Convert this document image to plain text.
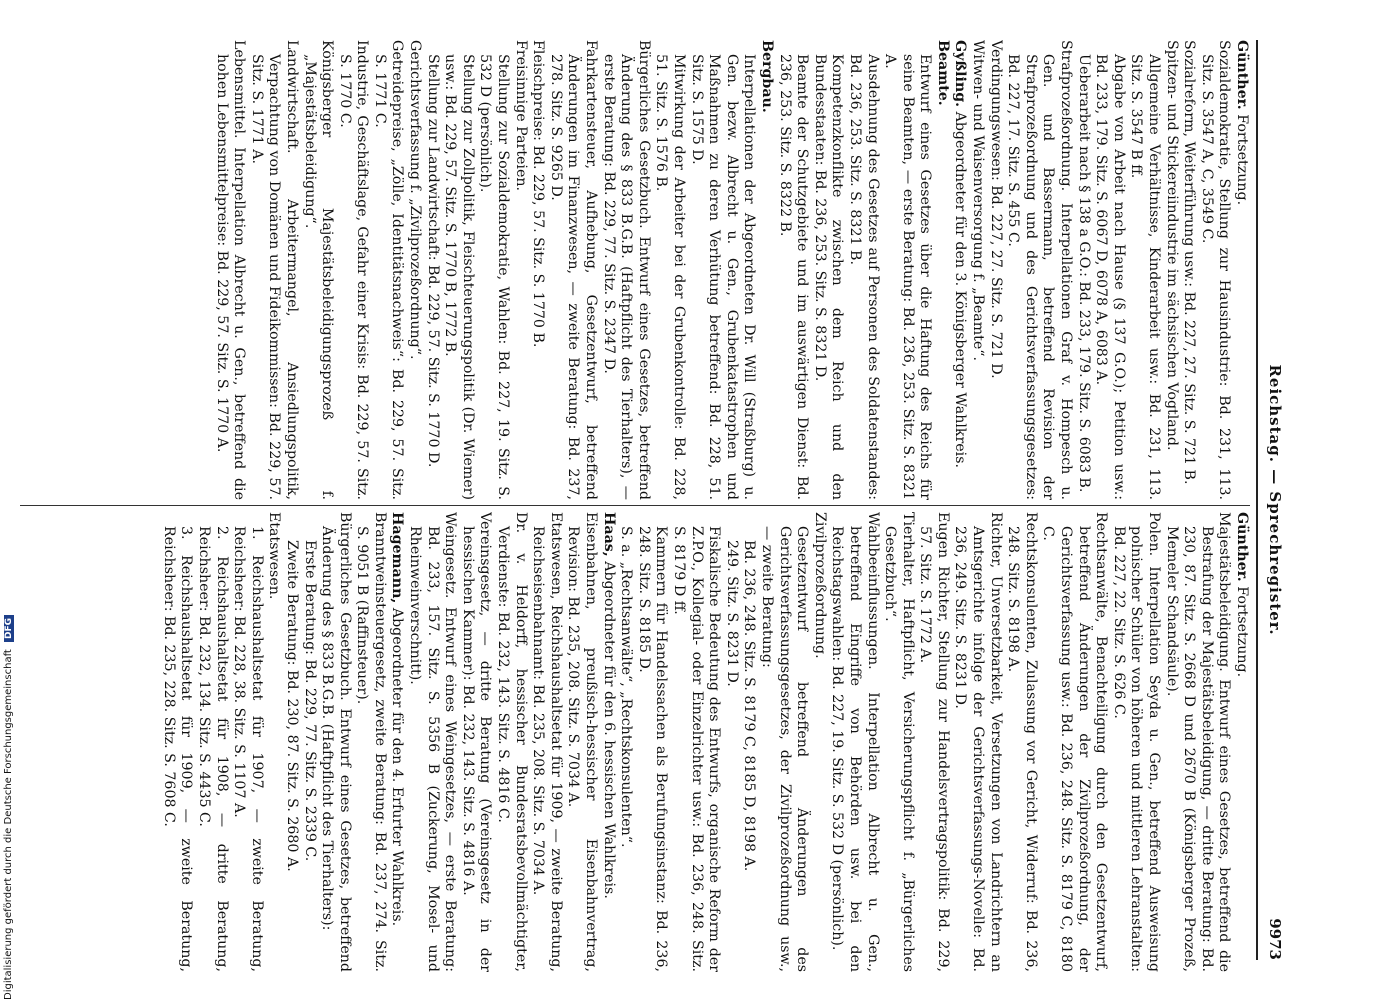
Reichstag. — Sprechregister.
9973

Günther. Fortsetzung.

Sozialdemokratie, Stellung zur Hausindustrie: Bd. 231, 113. Sitz. S. 3547 A, C, 3549 C.

Sozialreform, Weiterführung usw.: Bd. 227, 27. Sitz. S. 721 B.

Spitzen- und Stickereiindustrie im sächsischen Vogtland.

Allgemeine Verhältnisse, Kinderarbeit usw.: Bd. 231, 113. Sitz. S. 3547 B ff.

Abgabe von Arbeit nach Hause (§ 137 G.O.); Petition usw.: Bd. 233, 179. Sitz. S. 6067 D, 6078 A, 6083 A.

Ueberarbeit nach § 138 a G.O.: Bd. 233, 179. Sitz. S. 6083 B.

Strafprozeßordnung. Interpellationen Graf v. Hompesch u. Gen. und Bassermann, betreffend Revision der Strafprozeßordnung und des Gerichtsverfassungsgesetzes: Bd. 227, 17. Sitz. S. 455 C.

Verdingungswesen: Bd. 227, 27. Sitz. S. 721 D.

Witwen- und Waisenversorgung f. „Beamte“.

Gyßling. Abgeordneter für den 3. Königsberger Wahlkreis.

Beamte.

Entwurf eines Gesetzes über die Haftung des Reichs für seine Beamten, — erste Beratung: Bd. 236, 253. Sitz. S. 8321 A.

Ausdehnung des Gesetzes auf Personen des Soldatenstandes: Bd. 236, 253. Sitz. S. 8321 B.

Kompetenzkonflikte zwischen dem Reich und den Bundesstaaten: Bd. 236, 253. Sitz. S. 8321 D.

Beamte der Schutzgebiete und im auswärtigen Dienst: Bd. 236, 253. Sitz. S. 8322 B.

Bergbau.

Interpellationen der Abgeordneten Dr. Will (Straßburg) u. Gen. bezw. Albrecht u. Gen., Grubenkatastrophen und Maßnahmen zu deren Verhütung betreffend: Bd. 228, 51. Sitz. S. 1575 D.

Mitwirkung der Arbeiter bei der Grubenkontrolle: Bd. 228, 51. Sitz. S. 1576 B.

Bürgerliches Gesetzbuch. Entwurf eines Gesetzes, betreffend Änderung des § 833 B.G.B. (Haftpflicht des Tierhalters), — erste Beratung: Bd. 229, 77. Sitz. S. 2347 D.

Fahrkartensteuer, Aufhebung, Gesetzentwurf, betreffend Änderungen im Finanzwesen, — zweite Beratung: Bd. 237, 278. Sitz. S. 9265 D.

Fleischpreise: Bd. 229, 57. Sitz. S. 1770 B.

Freisinnige Parteien.

Stellung zur Sozialdemokratie, Wahlen: Bd. 227, 19. Sitz. S. 532 D (persönlich).

Stellung zur Zollpolitik, Fleischteuerungspolitik (Dr. Wiemer) usw.: Bd. 229, 57. Sitz. S. 1770 B, 1772 B.

Stellung zur Landwirtschaft: Bd. 229, 57. Sitz. S. 1770 D.

Gerichtsverfassung f. „Zivilprozeßordnung“.

Getreidepreise, „Zölle, Identitätsnachweis“: Bd. 229, 57. Sitz. S. 1771 C.

Industrie, Geschäftslage, Gefahr einer Krisis: Bd. 229, 57. Sitz. S. 1770 C.

Königsberger Majestätsbeleidigungsprozeß f. „Majestätsbeleidigung“.

Landwirtschaft. Arbeitermangel, Ansiedlungspolitik, Verpachtung von Domänen und Fideikommissen: Bd. 229, 57. Sitz. S. 1771 A.

Lebensmittel. Interpellation Albrecht u. Gen., betreffend die hohen Lebensmittelpreise: Bd. 229, 57. Sitz. S. 1770 A.

Günther. Fortsetzung.

Majestätsbeleidigung. Entwurf eines Gesetzes, betreffend die Bestrafung der Majestätsbeleidigung, — dritte Beratung: Bd. 230, 87. Sitz. S. 2668 D und 2670 B (Königsberger Prozeß, Memeler Schandsäule).

Polen. Interpellation Seyda u. Gen., betreffend Ausweisung polnischer Schüler von höheren und mittleren Lehranstalten: Bd. 227, 22. Sitz. S. 626 C.

Rechtsanwälte, Benachteiligung durch den Gesetzentwurf, betreffend Änderungen der Zivilprozeßordnung, der Gerichtsverfassung usw.: Bd. 236, 248. Sitz. S. 8179 C, 8180 C.

Rechtskonsulenten, Zulassung vor Gericht, Widerruf: Bd. 236, 248. Sitz. S. 8198 A.

Richter, Unversetzbarkeit, Versetzungen von Landrichtern an Amtsgerichte infolge der Gerichtsverfassungs-Novelle: Bd. 236, 249. Sitz. S. 8231 D.

Eugen Richter, Stellung zur Handelsvertragspolitik: Bd. 229, 57. Sitz. S. 1772 A.

Tierhalter, Haftpflicht, Versicherungspflicht f. „Bürgerliches Gesetzbuch“.

Wahlbeeinflussungen. Interpellation Albrecht u. Gen., betreffend Eingriffe von Behörden usw. bei den Reichstagswahlen: Bd. 227, 19. Sitz. S. 532 D (persönlich).

Zivilprozeßordnung.

Gesetzentwurf betreffend Änderungen des Gerichtsverfassungsgesetzes, der Zivilprozeßordnung usw., — zweite Beratung:

Bd. 236, 248. Sitz. S. 8179 C, 8185 D, 8198 A.

249. Sitz. S. 8231 D.

Fiskalische Bedeutung des Entwurfs, organische Reform der Z.P.O., Kollegial- oder Einzelrichter usw.: Bd. 236, 248. Sitz. S. 8179 D ff.

Kammern für Handelssachen als Berufungsinstanz: Bd. 236, 248. Sitz. S. 8185 D.

S. a. „Rechtsanwälte“, „Rechtskonsulenten“.

Haas, Abgeordneter für den 6. hessischen Wahlkreis.

Eisenbahnen, preußisch-hessischer Eisenbahnvertrag, Revision: Bd. 235, 208. Sitz. S. 7034 A.

Etatswesen, Reichshaushaltsetat für 1909, — zweite Beratung, Reichseisenbahnamt: Bd. 235, 208. Sitz. S. 7034 A.

Dr. v. Heldorff, hessischer Bundesratsbevollmächtigter, Verdienste: Bd. 232, 143. Sitz. S. 4816 C.

Vereinsgesetz, — dritte Beratung (Vereinsgesetz in der hessischen Kammer): Bd. 232, 143. Sitz. S. 4816 A.

Weingesetz. Entwurf eines Weingesetzes, — erste Beratung: Bd. 233, 157. Sitz. S. 5356 B (Zuckerung, Mosel- und Rheinweinverschnitt).

Hagemann, Abgeordneter für den 4. Erfurter Wahlkreis.

Branntweinsteuergesetz, zweite Beratung: Bd. 237, 274. Sitz. S. 9051 B (Raffinsteuer).

Bürgerliches Gesetzbuch. Entwurf eines Gesetzes, betreffend Änderung des § 833 B.G.B. (Haftpflicht des Tierhalters):

Erste Beratung: Bd. 229, 77. Sitz. S. 2339 C.

Zweite Beratung: Bd. 230, 87. Sitz. S. 2680 A.

Etatswesen.

1. Reichshaushaltsetat für 1907, — zweite Beratung, Reichsheer: Bd. 228, 38. Sitz. S. 1107 A.

2. Reichshaushaltsetat für 1908, — dritte Beratung, Reichsheer: Bd. 232, 134. Sitz. S. 4435 C.

3. Reichshaushaltsetat für 1909, — zweite Beratung, Reichsheer: Bd. 235, 228. Sitz. S. 7608 C.

Digitalisierung gefördert durch die Deutsche Forschungsgemeinschaft DFG
